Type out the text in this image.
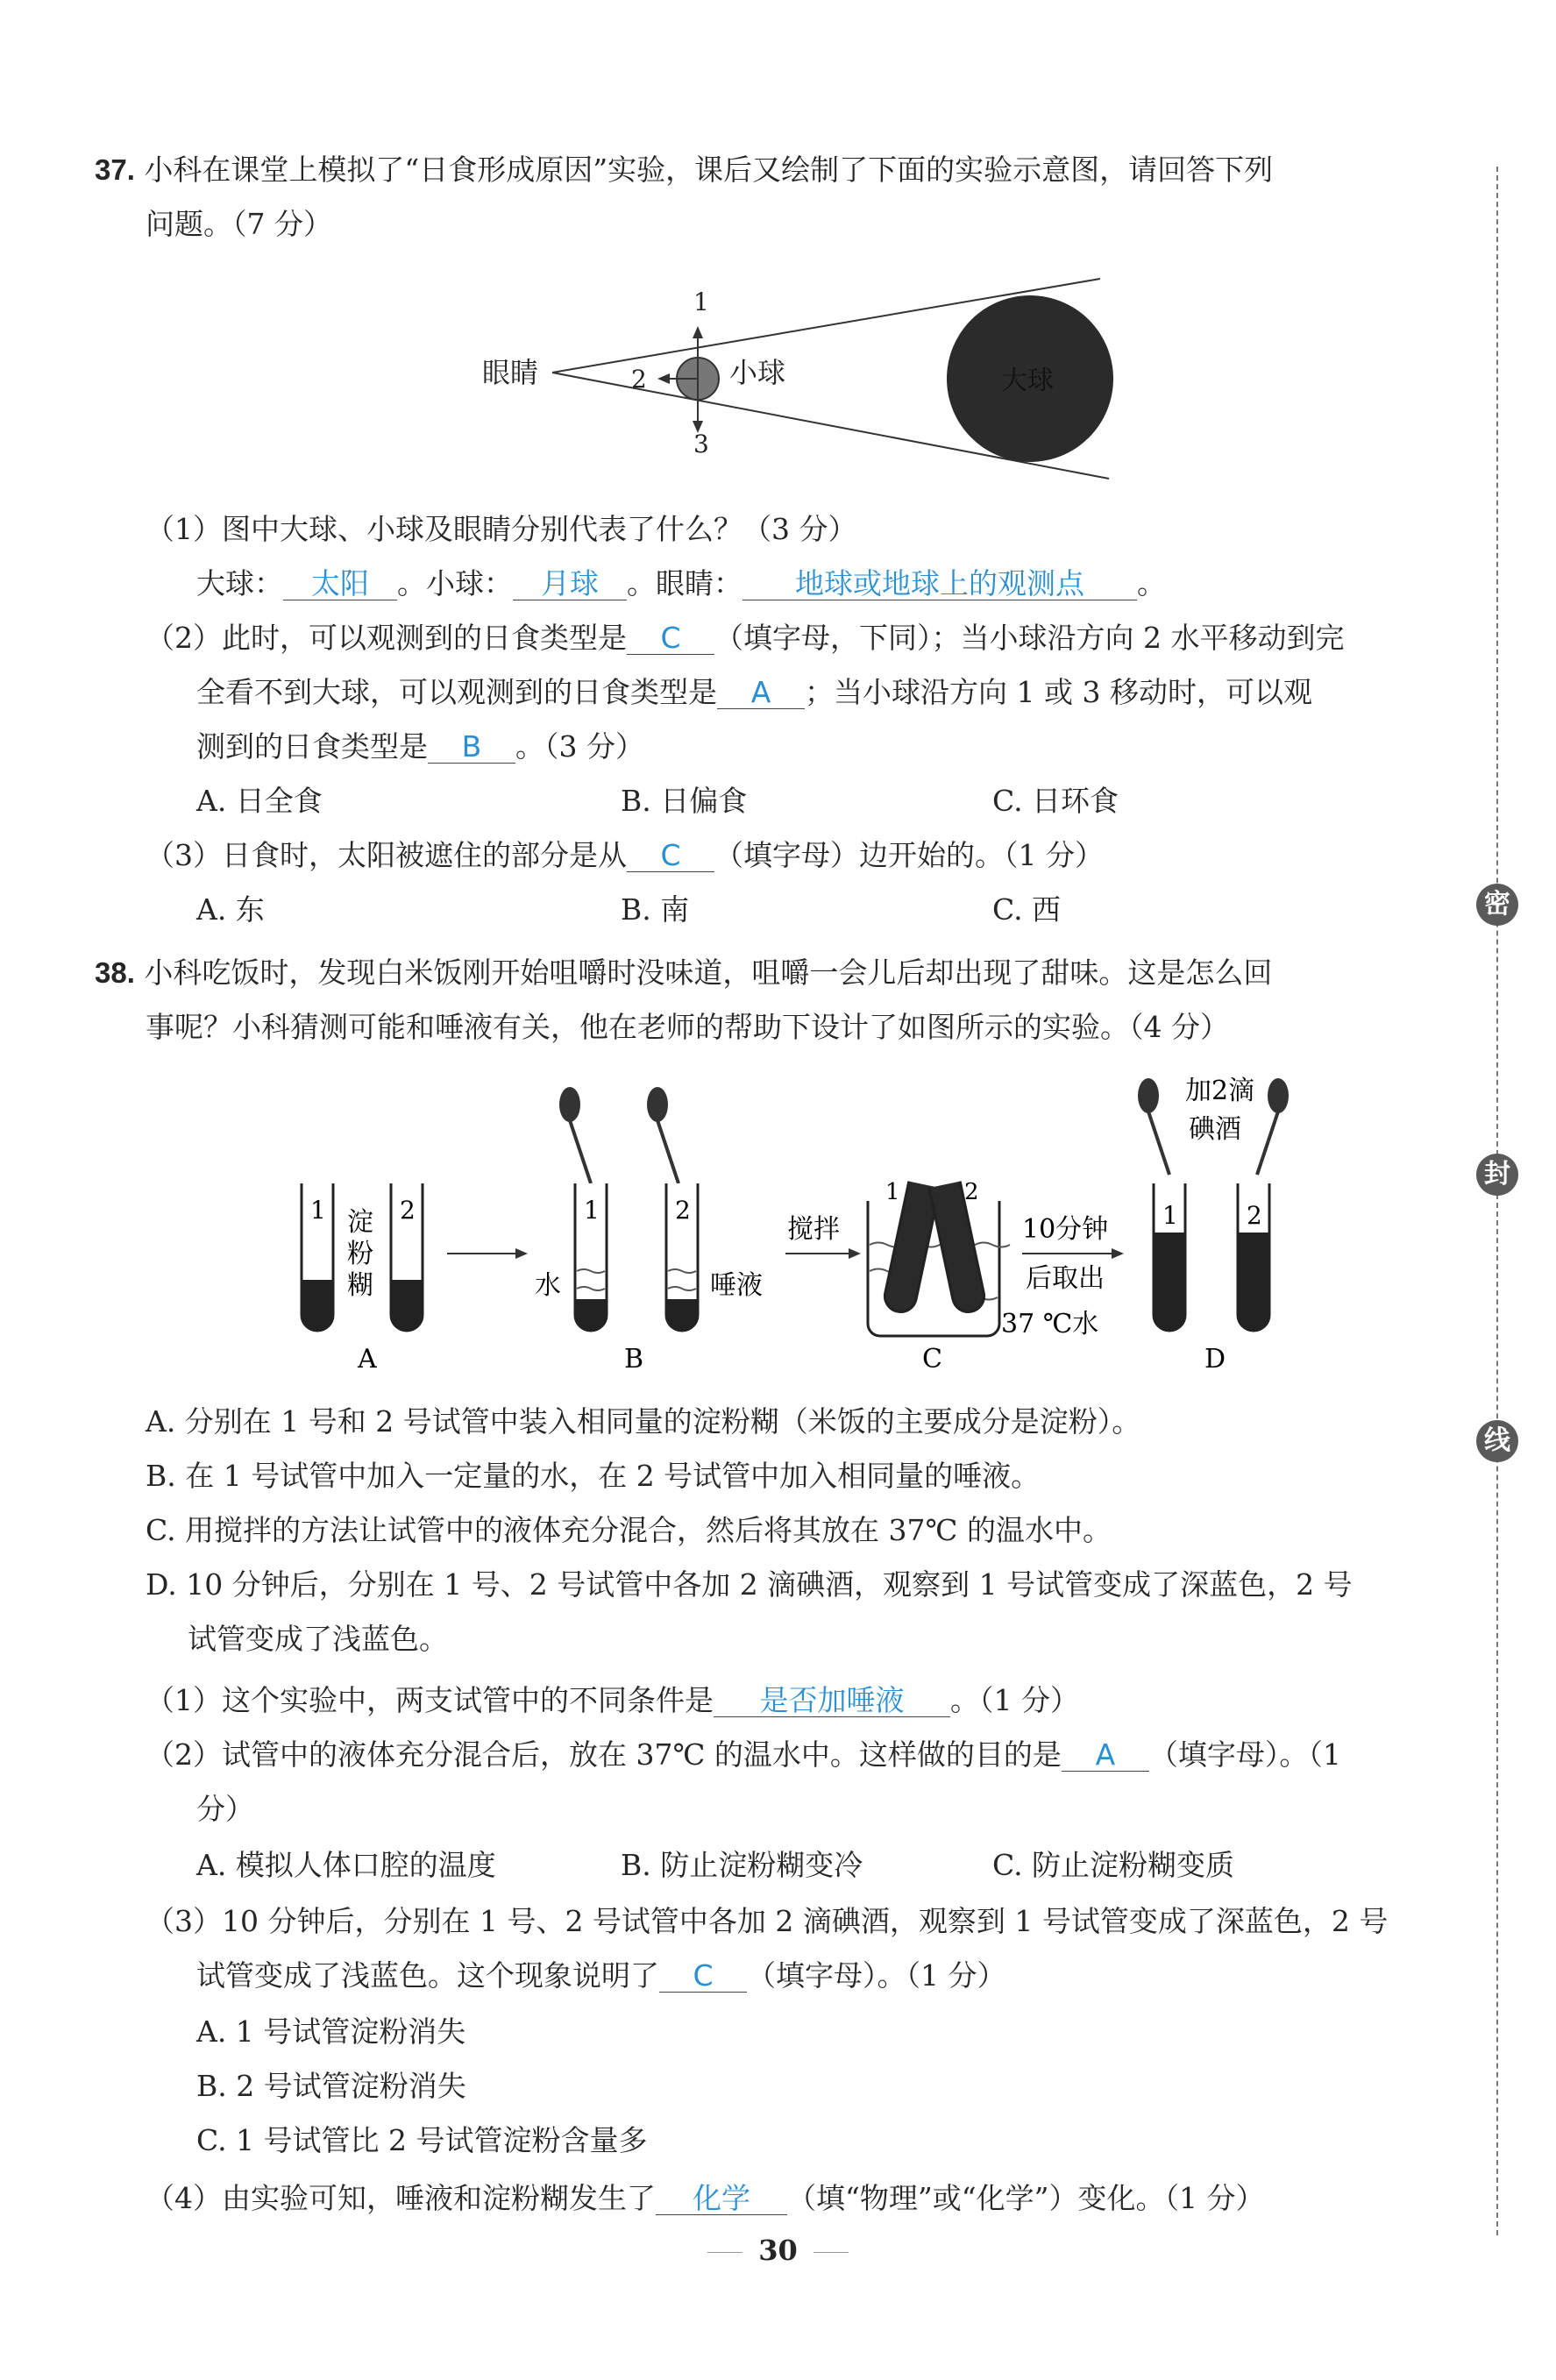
37. 小科在课堂上模拟了“日食形成原因”实验，课后又绘制了下面的实验示意图，请回答下列
问题。（7 分）
大球
1
2
3
眼睛	小球
（1）图中大球、小球及眼睛分别代表了什么？（3 分）
大球： 太阳 。小球： 月球 。眼睛： 地球或地球上的观测点 。
（2）此时，可以观测到的日食类型是 C （填字母，下同）；当小球沿方向 2 水平移动到完
全看不到大球，可以观测到的日食类型是 A ；当小球沿方向 1 或 3 移动时，可以观
测到的日食类型是 B 。（3 分）
A. 日全食	B. 日偏食	C. 日环食
（3）日食时，太阳被遮住的部分是从 C （填字母）边开始的。（1 分）
A. 东	B. 南	C. 西
38. 小科吃饭时，发现白米饭刚开始咀嚼时没味道，咀嚼一会儿后却出现了甜味。这是怎么回
事呢？小科猜测可能和唾液有关，他在老师的帮助下设计了如图所示的实验。（4 分）
1	2
淀
粉
糊
A
1	2
水	唾液
B
搅拌
1	2
37 ℃水
C
10分钟
后取出
加2滴
碘酒
1	2
D
A. 分别在 1 号和 2 号试管中装入相同量的淀粉糊（米饭的主要成分是淀粉）。
B. 在 1 号试管中加入一定量的水，在 2 号试管中加入相同量的唾液。
C. 用搅拌的方法让试管中的液体充分混合，然后将其放在 37℃ 的温水中。
D. 10 分钟后，分别在 1 号、2 号试管中各加 2 滴碘酒，观察到 1 号试管变成了深蓝色，2 号
试管变成了浅蓝色。
（1）这个实验中，两支试管中的不同条件是 是否加唾液 。（1 分）
（2）试管中的液体充分混合后，放在 37℃ 的温水中。这样做的目的是 A （填字母）。（1
分）
A. 模拟人体口腔的温度	B. 防止淀粉糊变冷	C. 防止淀粉糊变质
（3）10 分钟后，分别在 1 号、2 号试管中各加 2 滴碘酒，观察到 1 号试管变成了深蓝色，2 号
试管变成了浅蓝色。这个现象说明了 C （填字母）。（1 分）
A. 1 号试管淀粉消失
B. 2 号试管淀粉消失
C. 1 号试管比 2 号试管淀粉含量多
（4）由实验可知，唾液和淀粉糊发生了 化学 （填“物理”或“化学”）变化。（1 分）
密
封
线
30
